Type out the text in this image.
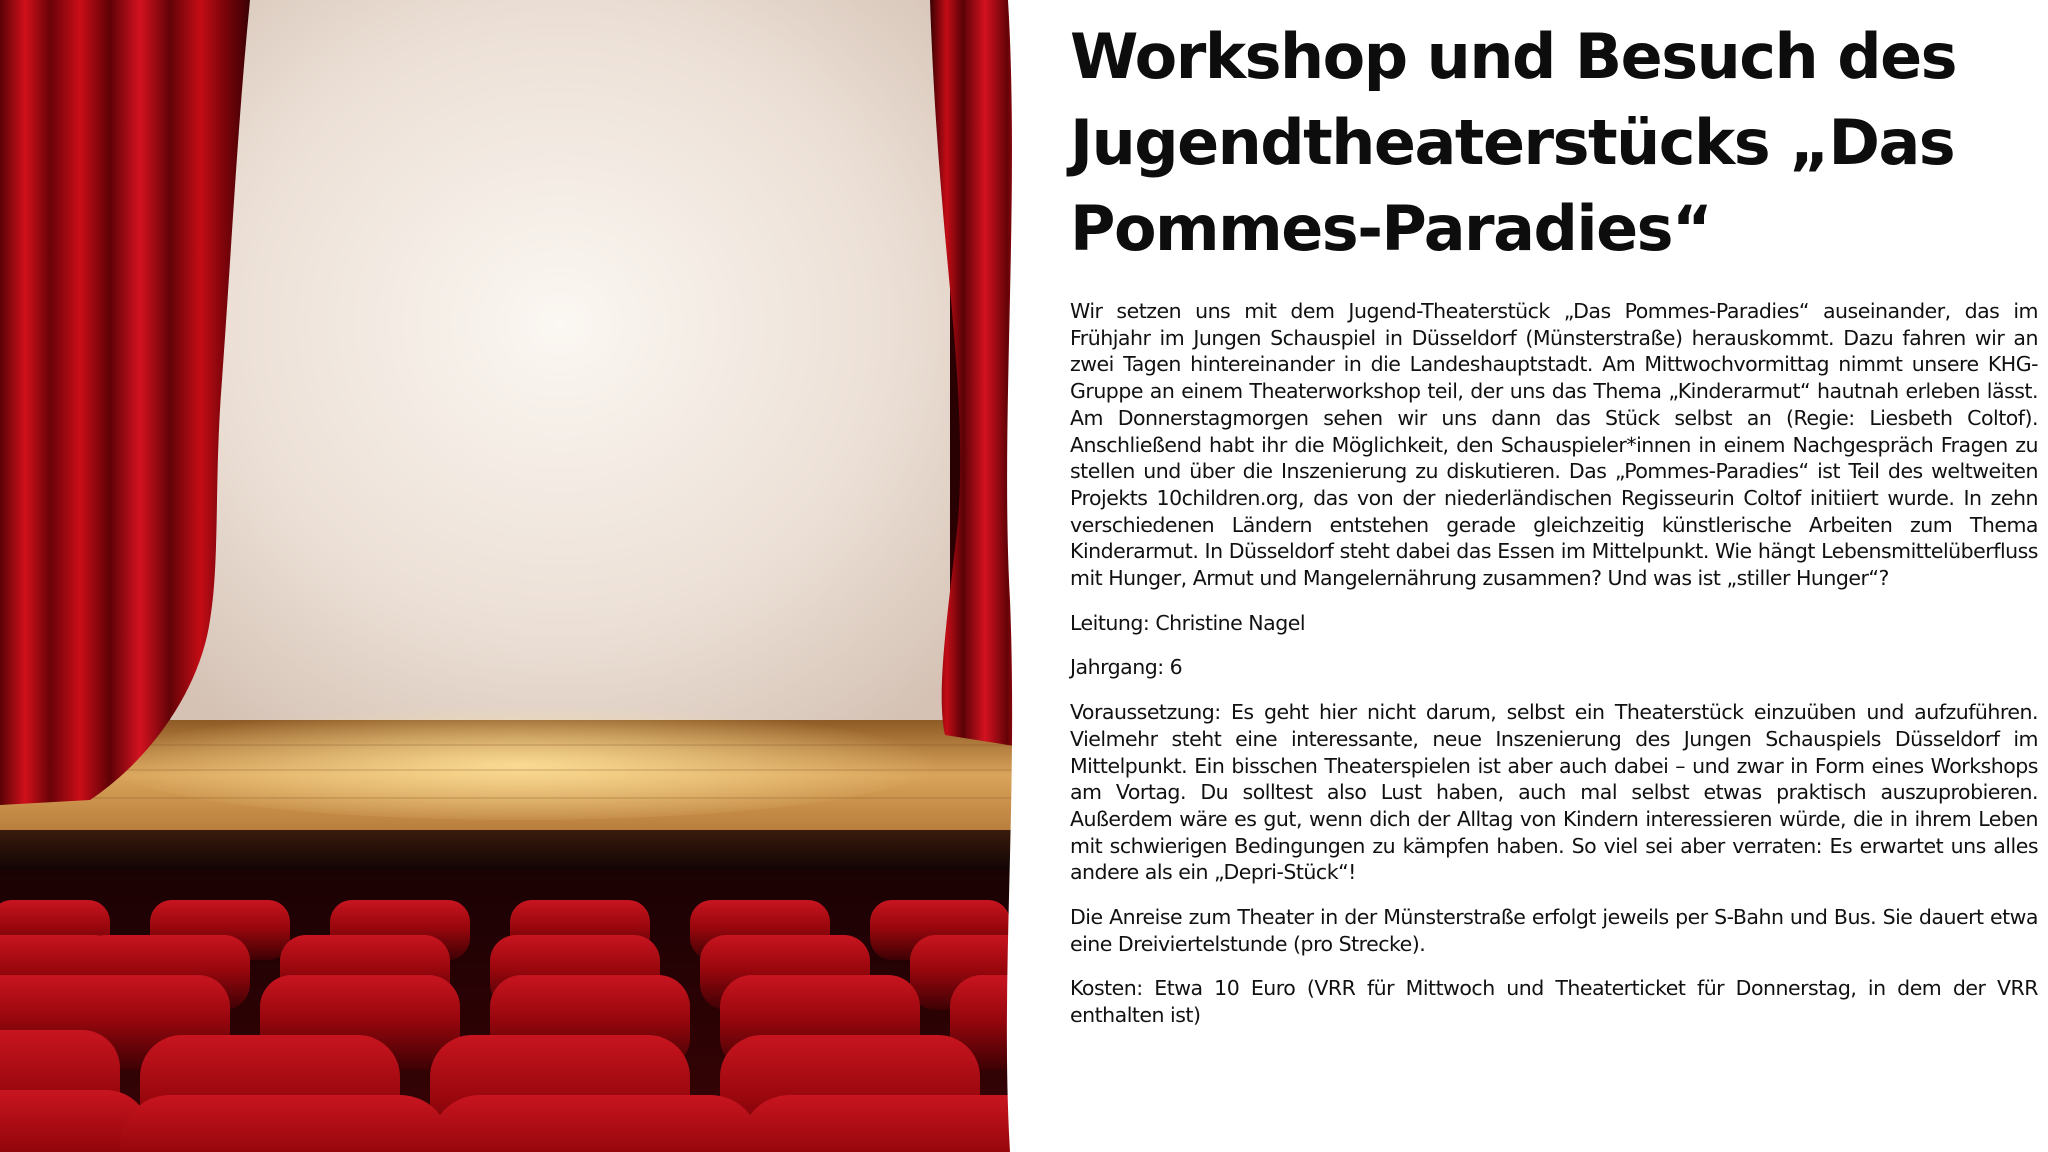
Workshop und Besuch des Jugendtheaterstücks „Das Pommes-Paradies“

Wir setzen uns mit dem Jugend-Theaterstück „Das Pommes-Paradies“ auseinander, das im Frühjahr im Jungen Schauspiel in Düsseldorf (Münsterstraße) herauskommt. Dazu fahren wir an zwei Tagen hintereinander in die Landeshauptstadt. Am Mittwochvormittag nimmt unsere KHG-Gruppe an einem Theaterworkshop teil, der uns das Thema „Kinderarmut“ hautnah erleben lässt. Am Donnerstagmorgen sehen wir uns dann das Stück selbst an (Regie: Liesbeth Coltof). Anschließend habt ihr die Möglichkeit, den Schauspieler*innen in einem Nachgespräch Fragen zu stellen und über die Inszenierung zu diskutieren. Das „Pommes-Paradies“ ist Teil des weltweiten Projekts 10children.org, das von der niederländischen Regisseurin Coltof initiiert wurde. In zehn verschiedenen Ländern entstehen gerade gleichzeitig künstlerische Arbeiten zum Thema Kinderarmut. In Düsseldorf steht dabei das Essen im Mittelpunkt. Wie hängt Lebensmittelüberfluss mit Hunger, Armut und Mangelernährung zusammen? Und was ist „stiller Hunger“?

Leitung: Christine Nagel

Jahrgang: 6

Voraussetzung: Es geht hier nicht darum, selbst ein Theaterstück einzuüben und aufzuführen. Vielmehr steht eine interessante, neue Inszenierung des Jungen Schauspiels Düsseldorf im Mittelpunkt. Ein bisschen Theaterspielen ist aber auch dabei – und zwar in Form eines Workshops am Vortag. Du solltest also Lust haben, auch mal selbst etwas praktisch auszuprobieren. Außerdem wäre es gut, wenn dich der Alltag von Kindern interessieren würde, die in ihrem Leben mit schwierigen Bedingungen zu kämpfen haben. So viel sei aber verraten: Es erwartet uns alles andere als ein „Depri-Stück“!

Die Anreise zum Theater in der Münsterstraße erfolgt jeweils per S-Bahn und Bus. Sie dauert etwa eine Dreiviertelstunde (pro Strecke).

Kosten: Etwa 10 Euro (VRR für Mittwoch und Theaterticket für Donnerstag, in dem der VRR enthalten ist)
